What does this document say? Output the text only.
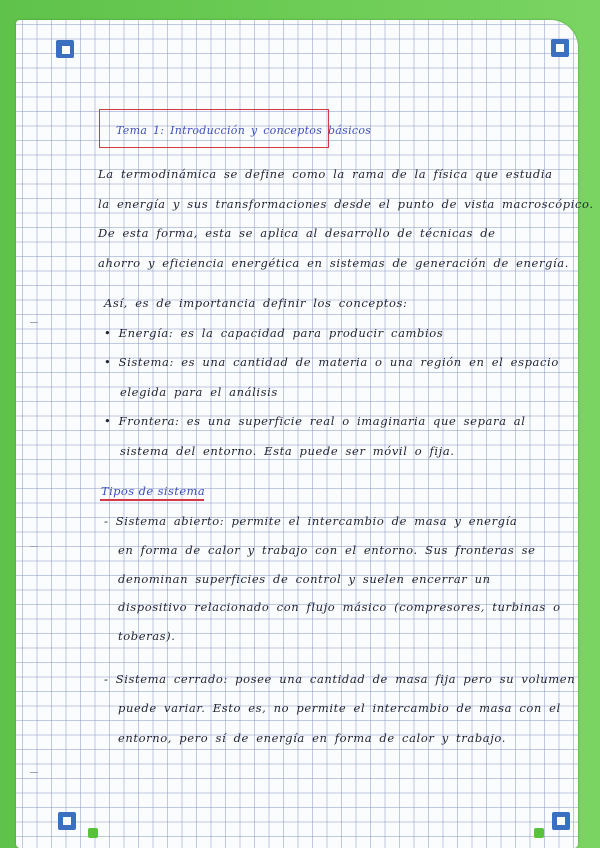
Tema 1: Introducción y conceptos básicos
La termodinámica se define como la rama de la física que estudia
la energía y sus transformaciones desde el punto de vista macroscópico.
De esta forma, esta se aplica al desarrollo de técnicas de
ahorro y eficiencia energética en sistemas de generación de energía.
Así, es de importancia definir los conceptos:
• Energía: es la capacidad para producir cambios
• Sistema: es una cantidad de materia o una región en el espacio
elegida para el análisis
• Frontera: es una superficie real o imaginaria que separa al
sistema del entorno. Esta puede ser móvil o fija.
Tipos de sistema
- Sistema abierto: permite el intercambio de masa y energía
en forma de calor y trabajo con el entorno. Sus fronteras se
denominan superficies de control y suelen encerrar un
dispositivo relacionado con flujo másico (compresores, turbinas o
toberas).
- Sistema cerrado: posee una cantidad de masa fija pero su volumen
puede variar. Esto es, no permite el intercambio de masa con el
entorno, pero sí de energía en forma de calor y trabajo.
